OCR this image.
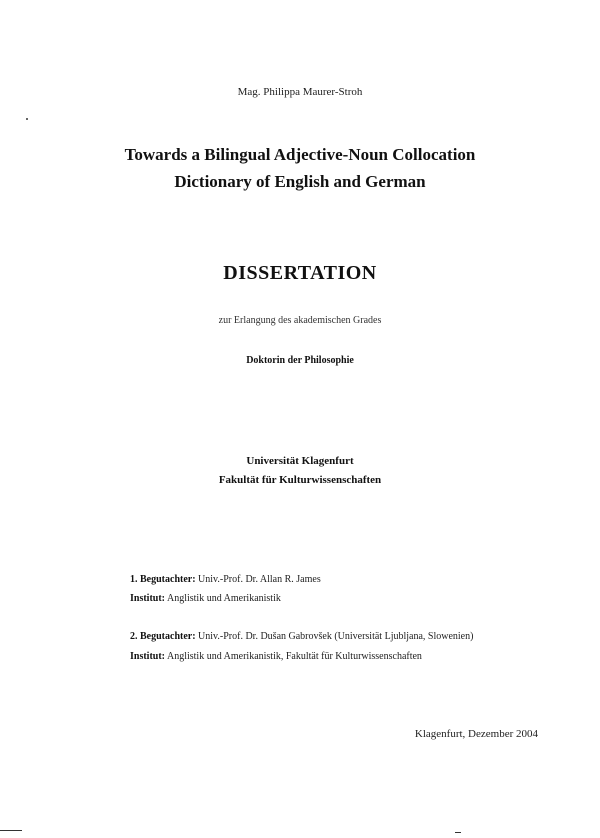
Mag. Philippa Maurer-Stroh
Towards a Bilingual Adjective-Noun Collocation
Dictionary of English and German
DISSERTATION
zur Erlangung des akademischen Grades
Doktorin der Philosophie
Universität Klagenfurt
Fakultät für Kulturwissenschaften
1. Begutachter: Univ.-Prof. Dr. Allan R. James
Institut: Anglistik und Amerikanistik
2. Begutachter: Univ.-Prof. Dr. Dušan Gabrovšek (Universität Ljubljana, Slowenien)
Institut: Anglistik und Amerikanistik, Fakultät für Kulturwissenschaften
Klagenfurt, Dezember 2004
